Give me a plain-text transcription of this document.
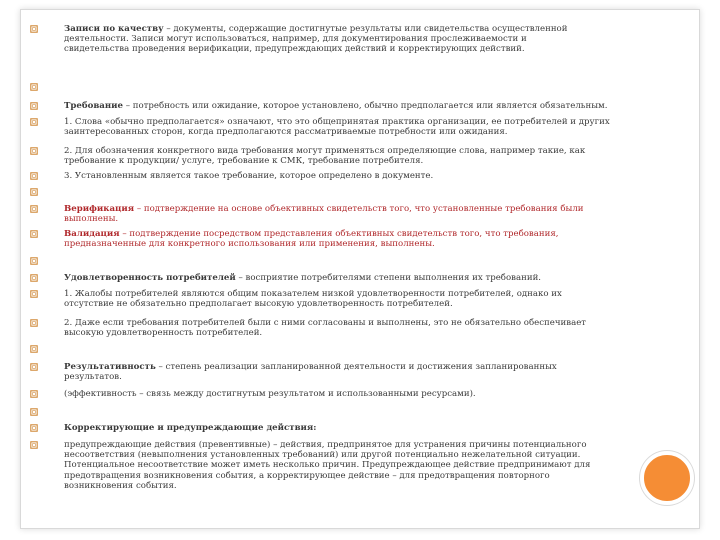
Записи по качеству – документы, содержащие достигнутые результаты или свидетельства осуществленной
деятельности. Записи могут использоваться, например, для документирования прослеживаемости и
свидетельства проведения верификации, предупреждающих действий и корректирующих действий.
Требование – потребность или ожидание, которое установлено, обычно предполагается или является обязательным.
1. Слова «обычно предполагается» означают, что это общепринятая практика организации, ее потребителей и других
заинтересованных сторон, когда предполагаются рассматриваемые потребности или ожидания.
2. Для обозначения конкретного вида требования могут применяться определяющие слова, например такие, как
требование к продукции/ услуге, требование к СМК, требование потребителя.
3. Установленным является такое требование, которое определено в документе.
Верификация – подтверждение на основе объективных свидетельств того, что установленные требования были
выполнены.
Валидация – подтверждение посредством представления объективных свидетельств того, что требования,
предназначенные для конкретного использования или применения, выполнены.
Удовлетворенность потребителей – восприятие потребителями степени выполнения их требований.
1. Жалобы потребителей являются общим показателем низкой удовлетворенности потребителей, однако их
отсутствие не обязательно предполагает высокую удовлетворенность потребителей.
2. Даже если требования потребителей были с ними согласованы и выполнены, это не обязательно обеспечивает
высокую удовлетворенность потребителей.
Результативность – степень реализации запланированной деятельности и достижения запланированных
результатов.
(эффективность – связь между достигнутым результатом и использованными ресурсами).
Корректирующие и предупреждающие действия:
предупреждающие действия (превентивные) – действия, предпринятое для устранения причины потенциального
несоответствия (невыполнения установленных требований) или другой потенциально нежелательной ситуации.
Потенциальное несоответствие может иметь несколько причин. Предупреждающее действие предпринимают для
предотвращения возникновения события, а корректирующее действие – для предотвращения повторного
возникновения события.
